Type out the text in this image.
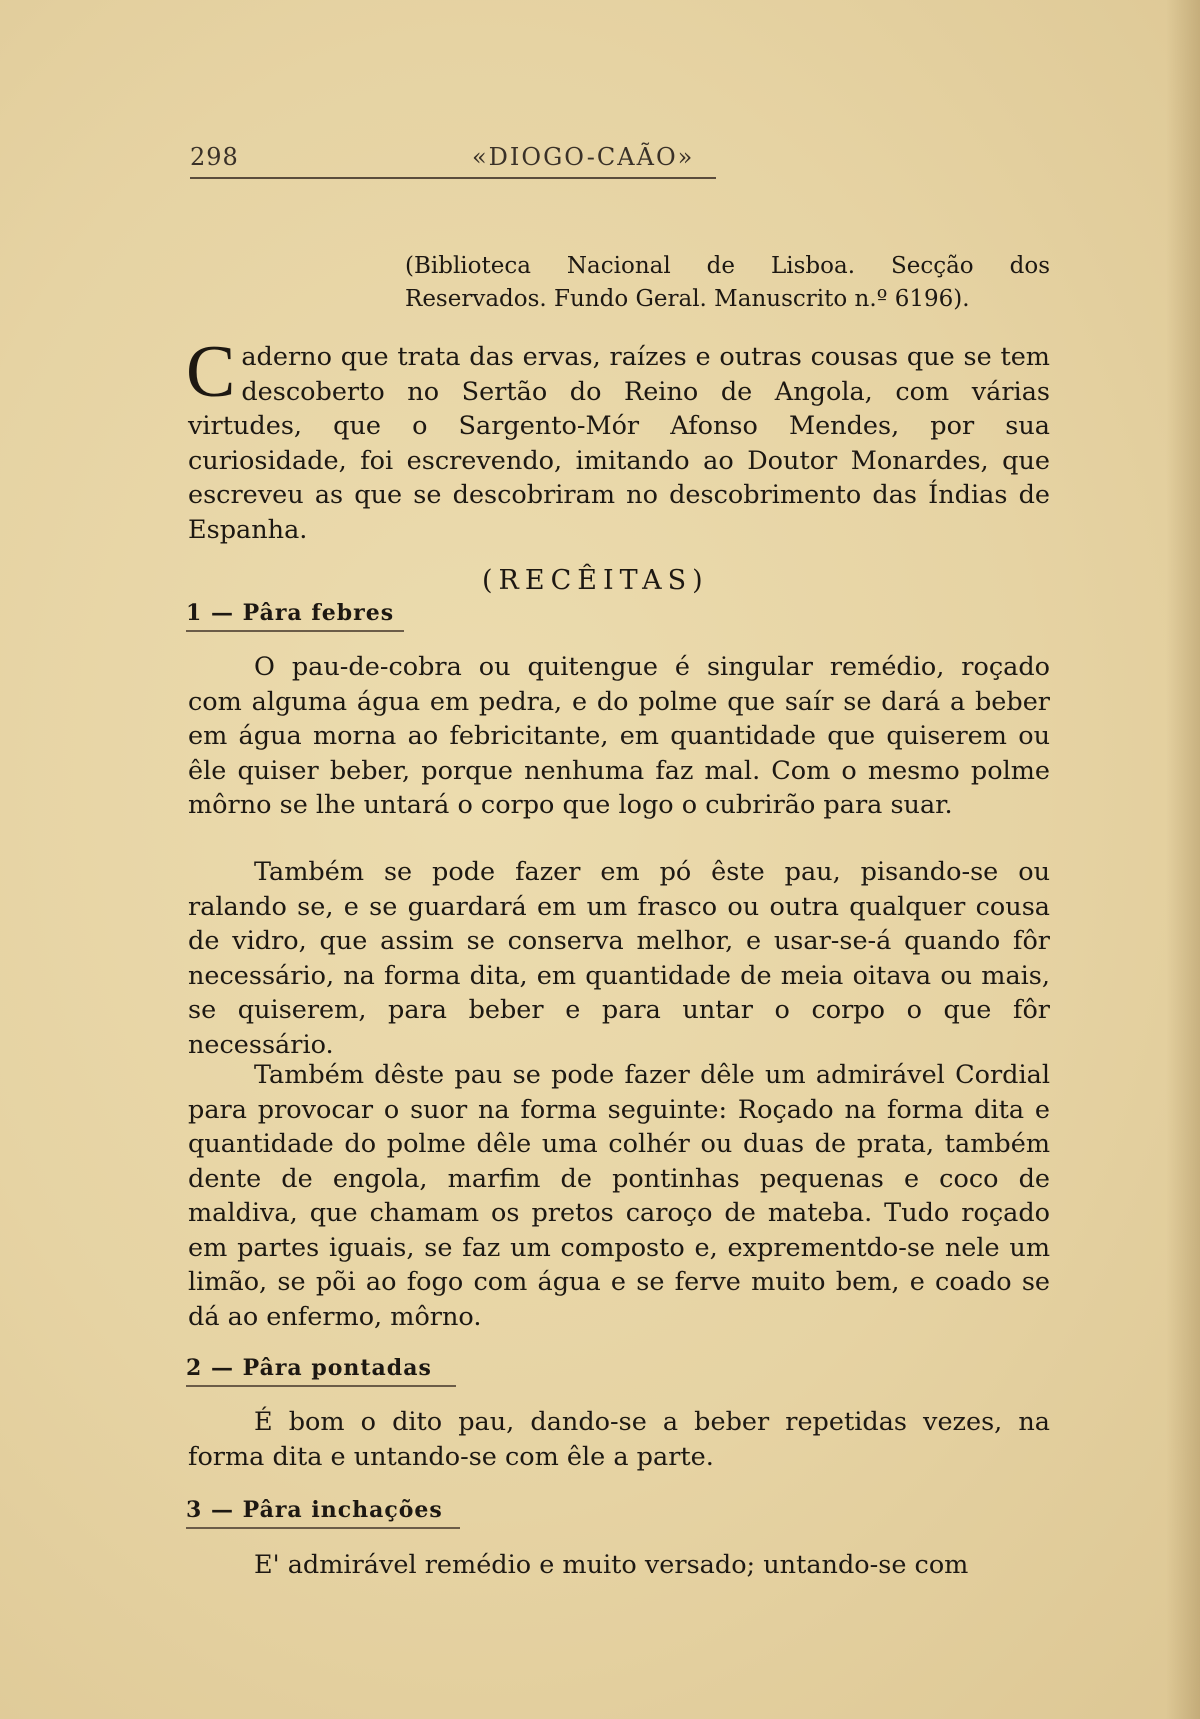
298	«DIOGO-CAÃO»

(Biblioteca Nacional de Lisboa. Secção dos Reservados. Fundo Geral. Manuscrito n.º 6196).

Caderno que trata das ervas, raízes e outras cousas que se tem descoberto no Sertão do Reino de Angola, com várias virtudes, que o Sargento-Mór Afonso Mendes, por sua curiosidade, foi escrevendo, imitando ao Doutor Monardes, que escreveu as que se descobriram no descobrimento das Índias de Espanha.

(RECÊITAS)
1 — Pâra febres

O pau-de-cobra ou quitengue é singular remédio, roçado com alguma água em pedra, e do polme que saír se dará a beber em água morna ao febricitante, em quantidade que quiserem ou êle quiser beber, porque nenhuma faz mal. Com o mesmo polme môrno se lhe untará o corpo que logo o cubrirão para suar.

Também se pode fazer em pó êste pau, pisando-se ou ralando se, e se guardará em um frasco ou outra qualquer cousa de vidro, que assim se conserva melhor, e usar-se-á quando fôr necessário, na forma dita, em quantidade de meia oitava ou mais, se quiserem, para beber e para untar o corpo o que fôr necessário.

Também dêste pau se pode fazer dêle um admirável Cordial para provocar o suor na forma seguinte: Roçado na forma dita e quantidade do polme dêle uma colhér ou duas de prata, também dente de engola, marfim de pontinhas pequenas e coco de maldiva, que chamam os pretos caroço de mateba. Tudo roçado em partes iguais, se faz um composto e, exprementdo-se nele um limão, se põi ao fogo com água e se ferve muito bem, e coado se dá ao enfermo, môrno.

2 — Pâra pontadas

É bom o dito pau, dando-se a beber repetidas vezes, na forma dita e untando-se com êle a parte.

3 — Pâra inchações

E' admirável remédio e muito versado; untando-se com
